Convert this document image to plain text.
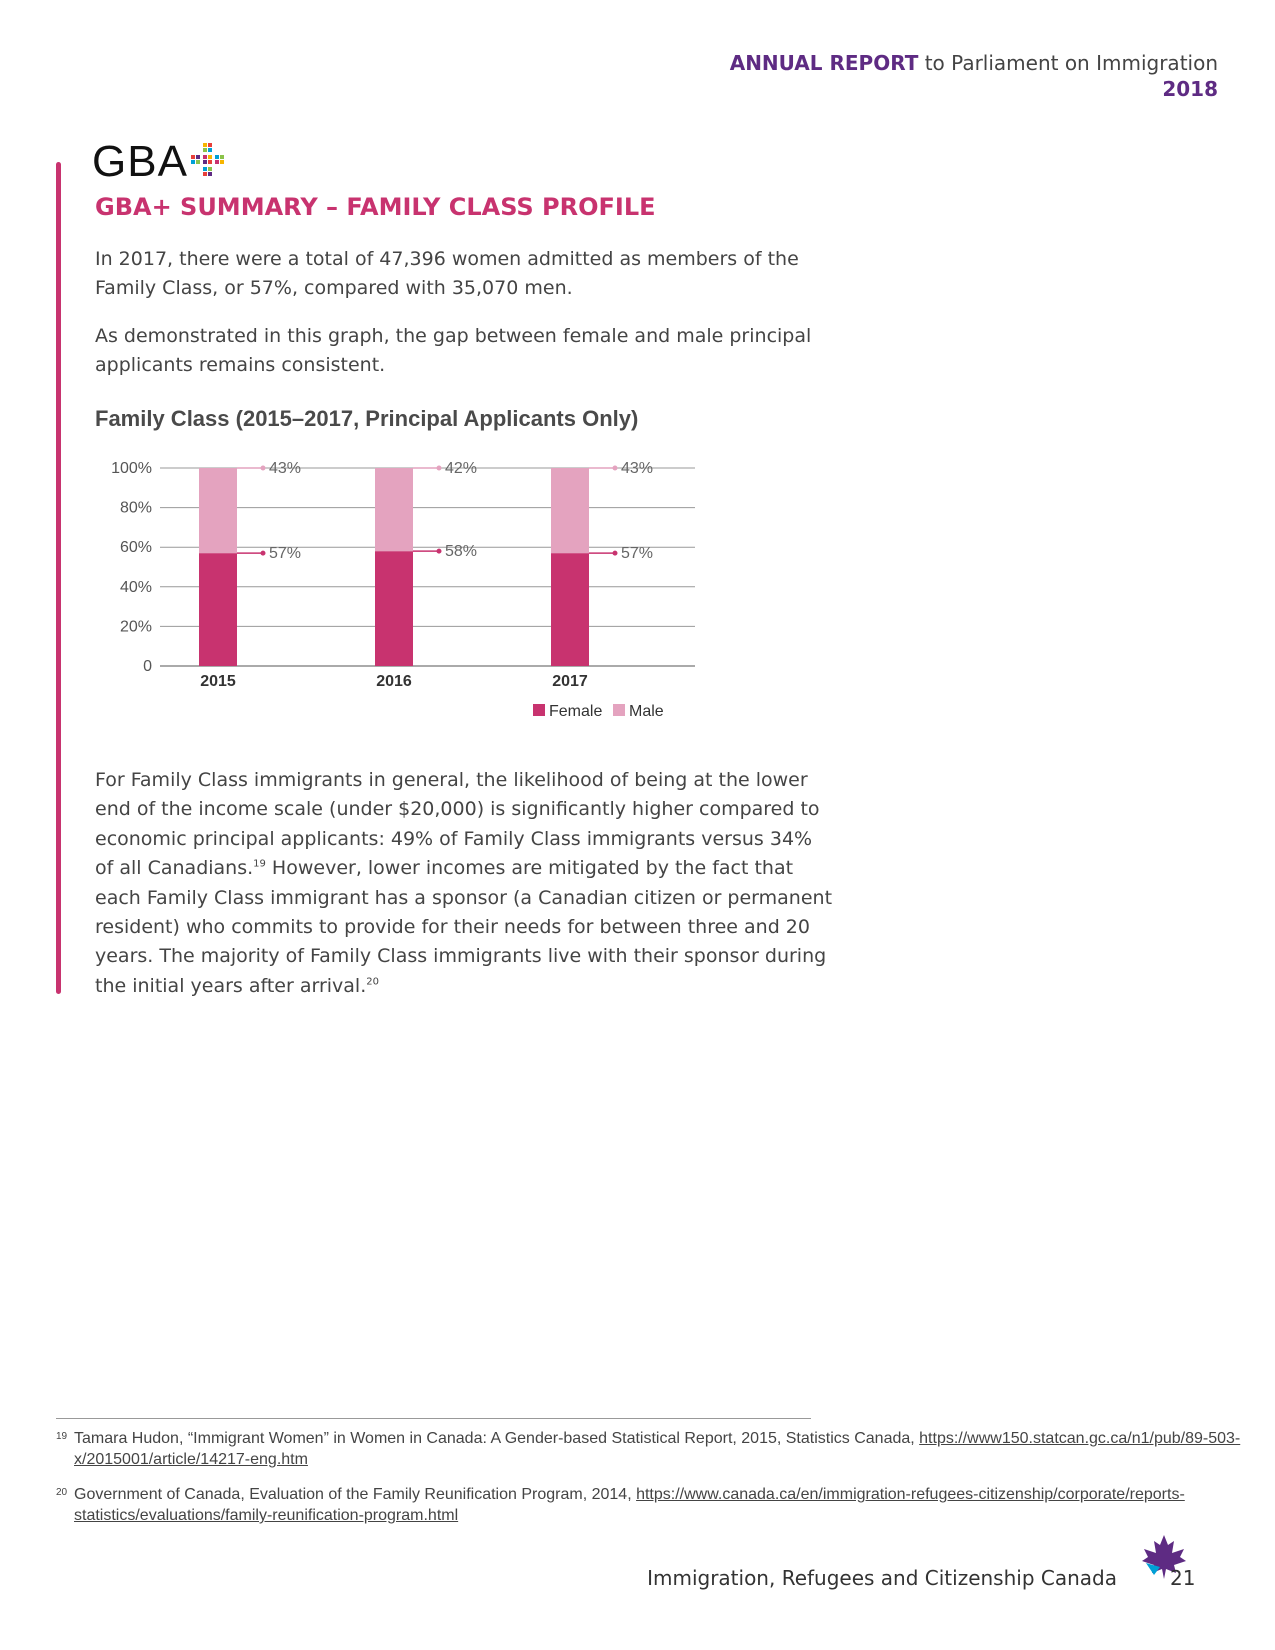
ANNUAL REPORT to Parliament on Immigration
2018
GBA
GBA+ SUMMARY – FAMILY CLASS PROFILE

In 2017, there were a total of 47,396 women admitted as members of the Family Class, or 57%, compared with 35,070 men.

As demonstrated in this graph, the gap between female and male principal applicants remains consistent.

Family Class (2015–2017, Principal Applicants Only)
0
20%
40%
60%
80%
100%	43%
57%
2015
42%
58%
2016
43%
57%
2017
Female Male

For Family Class immigrants in general, the likelihood of being at the lower end of the income scale (under $20,000) is significantly higher compared to economic principal applicants: 49% of Family Class immigrants versus 34% of all Canadians.$^{19}$ However, lower incomes are mitigated by the fact that each Family Class immigrant has a sponsor (a Canadian citizen or permanent resident) who commits to provide for their needs for between three and 20 years. The majority of Family Class immigrants live with their sponsor during the initial years after arrival.$^{20}$

19 Tamara Hudon, “Immigrant Women” in Women in Canada: A Gender-based Statistical Report, 2015, Statistics Canada, https://www150.statcan.gc.ca/n1/pub/89-503-x/2015001/article/14217-eng.htm
20 Government of Canada, Evaluation of the Family Reunification Program, 2014, https://www.canada.ca/en/immigration-refugees-citizenship/corporate/reports-statistics/evaluations/family-reunification-program.html
Immigration, Refugees and Citizenship Canada	21
